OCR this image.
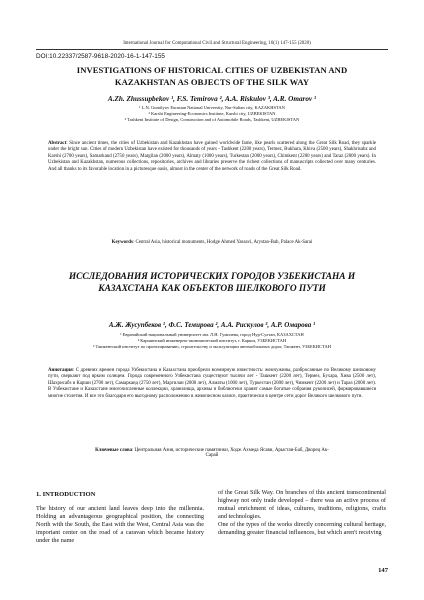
International Journal for Computational Civil and Structural Engineering, 16(1) 147-155 (2020)
DOI:10.22337/2587-9618-2020-16-1-147-155
INVESTIGATIONS OF HISTORICAL CITIES OF UZBEKISTAN AND KAZAKHSTAN AS OBJECTS OF THE SILK WAY
A.Zh. Zhussupbekov ¹, F.S. Temirova ², A.A. Riskulov ³, A.R. Omarov ¹
¹ L.N. Gumilyov Eurasian National University, Nur-Sultan city, KAZAKHSTAN
² Karshi Engineering-Economics Institute, Karshi city, UZBEKISTAN
³ Tashkent Institute of Design, Construction and of Automobile Roads, Tashkent, UZBEKISTAN

Abstract: Since ancient times, the cities of Uzbekistan and Kazakhstan have gained worldwide fame, like pearls scattered along the Great Silk Road, they sparkle under the bright sun. Cities of modern Uzbekistan have existed for thousands of years - Tashkent (2200 years), Termez, Bukhara, Khiva (2500 years), Shakhrisabz and Karshi (2700 years), Samarkand (2750 years), Margilan (2000 years), Almaty (1000 years), Turkestan (2000 years), Chimkent (2200 years) and Taraz (2000 years). In Uzbekistan and Kazakhstan, numerous collections, repositories, archives and libraries preserve the richest collections of manuscripts collected over many centuries. And all thanks to its favorable location in a picturesque oasis, almost in the center of the network of roads of the Great Silk Road.

Keywords: Central Asia, historical monuments, Hodge Ahmed Yassavi, Arystan-Bab, Palace Ak-Sarai
ИССЛЕДОВАНИЯ ИСТОРИЧЕСКИХ ГОРОДОВ УЗБЕКИСТАНА И КАЗАХСТАНА КАК ОБЪЕКТОВ ШЕЛКОВОГО ПУТИ
А.Ж. Жусупбеков ¹, Ф.С. Темирова ², А.А. Рискулов ³, А.Р. Омарова ¹
¹ Евразийский национальный университет им. Л.Н. Гумилева, город Нур-Султан, КАЗАХСТАН
² Каршинский инженерно-экономический институт, г. Карши, УЗБЕКИСТАН
³ Ташкентский институт по проектированию, строительству и эксплуатации автомобильных дорог, Ташкент, УЗБЕКИСТАН

Аннотация: С древних времен города Узбекистана и Казахстана приобрели всемирную известность: жемчужины, разбросанные по Великому шелковому пути, сверкают под ярким солнцем. Города современного Узбекистана существуют тысячи лет - Ташкент (2200 лет), Термез, Бухара, Хива (2500 лет), Шахрисабз и Карши (2700 лет), Самарканд (2750 лет), Маргилан (2000 лет), Алматы (1000 лет), Туркестан (2000 лет), Чимкент (2200 лет) и Тараз (2000 лет). В Узбекистане и Казахстане многочисленные коллекции, хранилища, архивы и библиотеки хранят самые богатые собрания рукописей, формировавшиеся многие столетия. И все это благодаря его выгодному расположению в живописном оазисе, практически в центре сети дорог Великого шелкового пути.

Ключевые слова: Центральная Азия, исторические памятники, Ходж Ахмеда Ясави, Арыстан-Баб, Дворец Ак-Сарай
1. INTRODUCTION

The history of our ancient land leaves deep into the millennia. Holding an advantageous geographical position, the connecting North with the South, the East with the West, Central Asia was the important center on the road of a caravan which became history under the name

of the Great Silk Way. On branches of this ancient transcontinental highway not only trade developed – there was an active process of mutual enrichment of ideas, cultures, traditions, religions, crafts and technologies.

One of the types of the works directly concerning cultural heritage, demanding greater financial influences, but which aren't receiving

147
